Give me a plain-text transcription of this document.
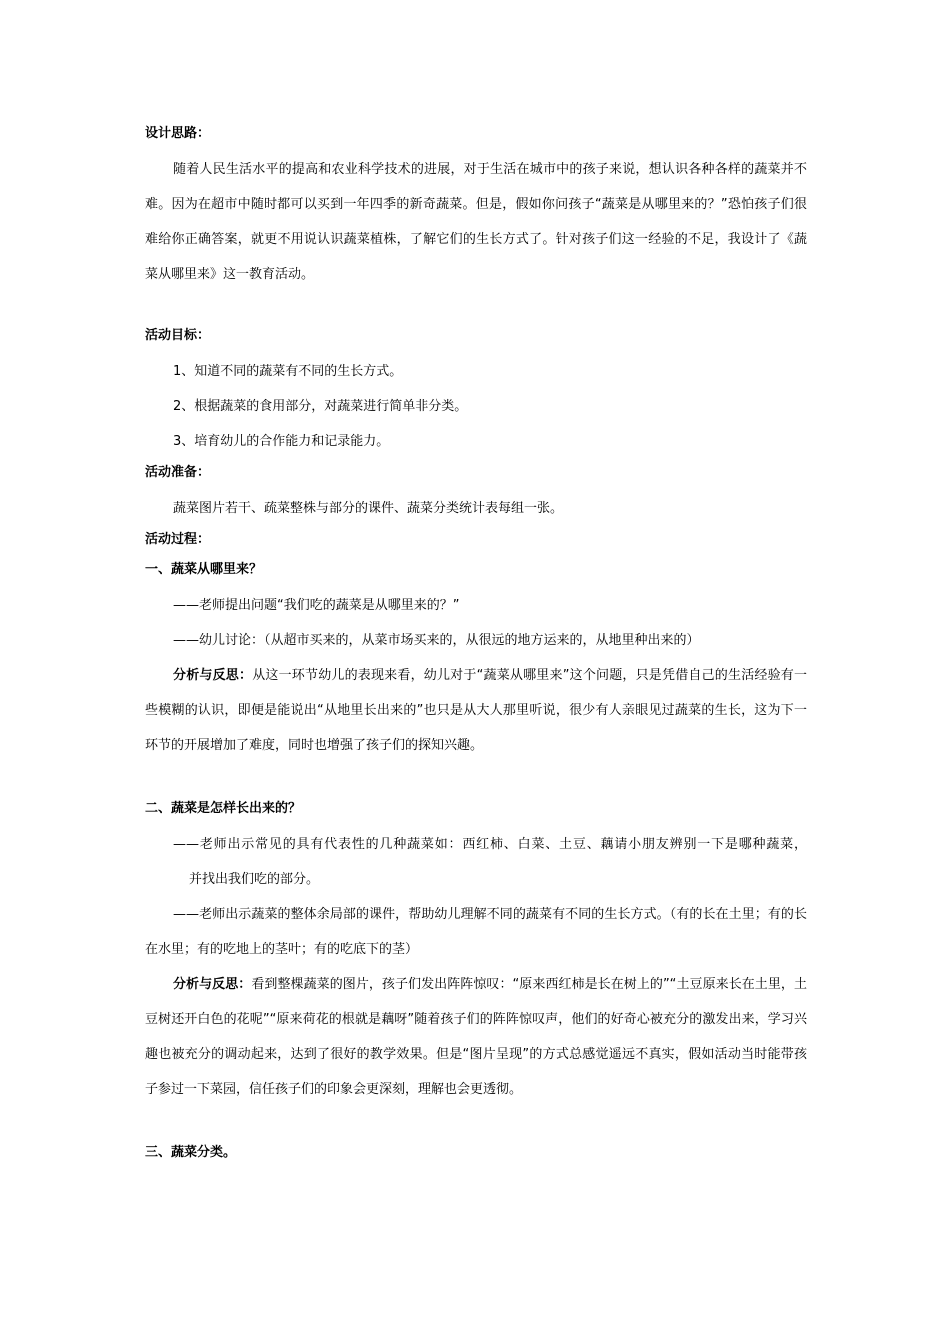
设计思路：

随着人民生活水平的提高和农业科学技术的进展，对于生活在城市中的孩子来说，想认识各种各样的蔬菜并不难。因为在超市中随时都可以买到一年四季的新奇蔬菜。但是，假如你问孩子“蔬菜是从哪里来的？”恐怕孩子们很难给你正确答案，就更不用说认识蔬菜植株，了解它们的生长方式了。针对孩子们这一经验的不足，我设计了《蔬菜从哪里来》这一教育活动。

活动目标：

1、知道不同的蔬菜有不同的生长方式。

2、根据蔬菜的食用部分，对蔬菜进行简单非分类。

3、培育幼儿的合作能力和记录能力。

活动准备：

蔬菜图片若干、疏菜整株与部分的课件、蔬菜分类统计表每组一张。

活动过程：

一、蔬菜从哪里来？

——老师提出问题“我们吃的蔬菜是从哪里来的？”

——幼儿讨论：（从超市买来的，从菜市场买来的，从很远的地方运来的，从地里种出来的）

分析与反思：从这一环节幼儿的表现来看，幼儿对于“蔬菜从哪里来”这个问题，只是凭借自己的生活经验有一些模糊的认识，即便是能说出“从地里长出来的”也只是从大人那里听说，很少有人亲眼见过蔬菜的生长，这为下一环节的开展增加了难度，同时也增强了孩子们的探知兴趣。

二、蔬菜是怎样长出来的？

——老师出示常见的具有代表性的几种蔬菜如：西红柿、白菜、土豆、藕请小朋友辨别一下是哪种蔬菜，并找出我们吃的部分。

——老师出示蔬菜的整体余局部的课件，帮助幼儿理解不同的蔬菜有不同的生长方式。（有的长在土里；有的长在水里；有的吃地上的茎叶；有的吃底下的茎）

分析与反思：看到整棵蔬菜的图片，孩子们发出阵阵惊叹：“原来西红柿是长在树上的”“土豆原来长在土里，土豆树还开白色的花呢”“原来荷花的根就是藕呀”随着孩子们的阵阵惊叹声，他们的好奇心被充分的激发出来，学习兴趣也被充分的调动起来，达到了很好的教学效果。但是“图片呈现”的方式总感觉遥远不真实，假如活动当时能带孩子参过一下菜园，信任孩子们的印象会更深刻，理解也会更透彻。

三、蔬菜分类。
